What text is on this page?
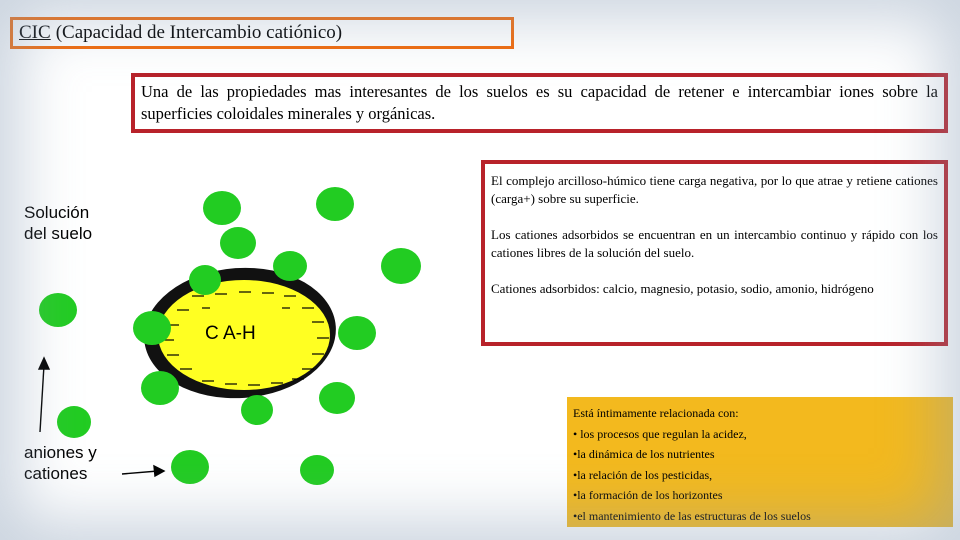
CIC (Capacidad de Intercambio catiónico)
Una de las propiedades mas interesantes de los suelos es su capacidad de retener e intercambiar iones sobre la superficies coloidales minerales y orgánicas.
Solución
del suelo
aniones y
cationes
C A-H

El complejo arcilloso-húmico tiene carga negativa, por lo que atrae y retiene cationes (carga+) sobre su superficie.

Los cationes adsorbidos se encuentran en un intercambio continuo y rápido con los cationes libres de la solución del suelo.

Cationes adsorbidos: calcio, magnesio, potasio, sodio, amonio, hidrógeno

Está íntimamente relacionada con:
• los procesos que regulan la acidez,
•la dinámica de los nutrientes
•la relación de los pesticidas,
•la formación de los horizontes
•el mantenimiento de las estructuras de los suelos
